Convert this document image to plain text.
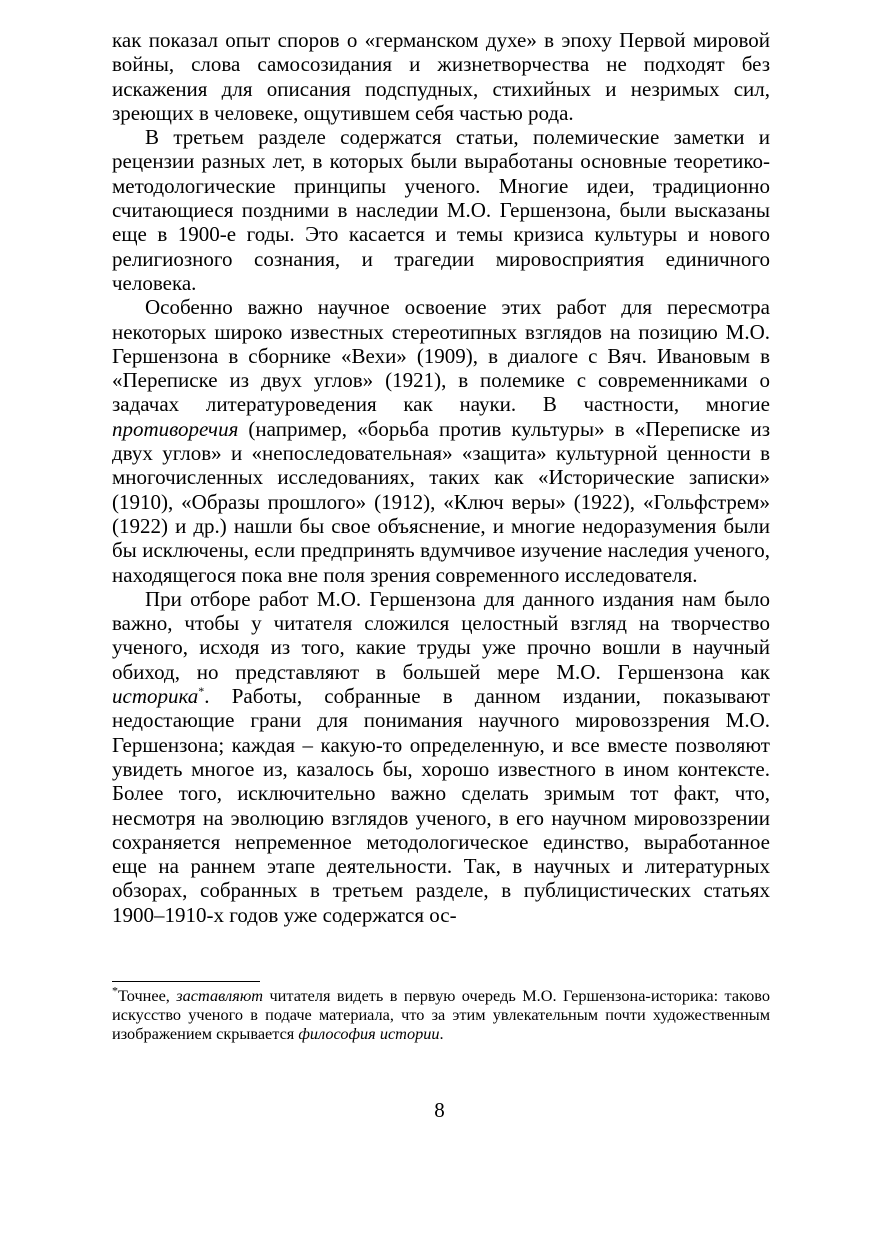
как показал опыт споров о «германском духе» в эпоху Первой мировой войны, слова самосозидания и жизнетворчества не подходят без искажения для описания подспудных, стихийных и незримых сил, зреющих в человеке, ощутившем себя частью рода.

В третьем разделе содержатся статьи, полемические заметки и рецензии разных лет, в которых были выработаны основные теоретико-методологические принципы ученого. Многие идеи, традиционно считающиеся поздними в наследии М.О. Гершензона, были высказаны еще в 1900-е годы. Это касается и темы кризиса культуры и нового религиозного сознания, и трагедии мировосприятия единичного человека.

Особенно важно научное освоение этих работ для пересмотра некоторых широко известных стереотипных взглядов на позицию М.О. Гершензона в сборнике «Вехи» (1909), в диалоге с Вяч. Ивановым в «Переписке из двух углов» (1921), в полемике с современниками о задачах литературоведения как науки. В частности, многие противоречия (например, «борьба против культуры» в «Переписке из двух углов» и «непоследовательная» «защита» культурной ценности в многочисленных исследованиях, таких как «Исторические записки» (1910), «Образы прошлого» (1912), «Ключ веры» (1922), «Гольфстрем» (1922) и др.) нашли бы свое объяснение, и многие недоразумения были бы исключены, если предпринять вдумчивое изучение наследия ученого, находящегося пока вне поля зрения современного исследователя.

При отборе работ М.О. Гершензона для данного издания нам было важно, чтобы у читателя сложился целостный взгляд на творчество ученого, исходя из того, какие труды уже прочно вошли в научный обиход, но представляют в большей мере М.О. Гершензона как историка*. Работы, собранные в данном издании, показывают недостающие грани для понимания научного мировоззрения М.О. Гершензона; каждая – какую-то определенную, и все вместе позволяют увидеть многое из, казалось бы, хорошо известного в ином контексте. Более того, исключительно важно сделать зримым тот факт, что, несмотря на эволюцию взглядов ученого, в его научном мировоззрении сохраняется непременное методологическое единство, выработанное еще на раннем этапе деятельности. Так, в научных и литературных обзорах, собранных в третьем разделе, в публицистических статьях 1900–1910-х годов уже содержатся ос-

*Точнее, заставляют читателя видеть в первую очередь М.О. Гершензона-историка: таково искусство ученого в подаче материала, что за этим увлекательным почти художественным изображением скрывается философия истории.

8
